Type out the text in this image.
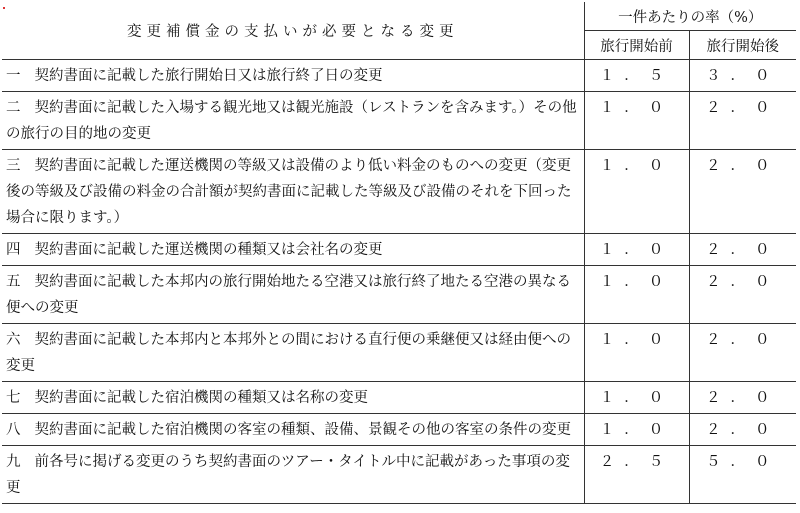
変更補償金の支払いが必要となる変更	一件あたりの率（%）	
	旅行開始前	旅行開始後
一 契約書面に記載した旅行開始日又は旅行終了日の変更	１．５	３．０
二 契約書面に記載した入場する観光地又は観光施設（レストランを含みます。）その他の旅行の目的地の変更	１．０	２．０
三 契約書面に記載した運送機関の等級又は設備のより低い料金のものへの変更（変更後の等級及び設備の料金の合計額が契約書面に記載した等級及び設備のそれを下回った場合に限ります。）	１．０	２．０
四 契約書面に記載した運送機関の種類又は会社名の変更	１．０	２．０
五 契約書面に記載した本邦内の旅行開始地たる空港又は旅行終了地たる空港の異なる便への変更	１．０	２．０
六 契約書面に記載した本邦内と本邦外との間における直行便の乗継便又は経由便への変更	１．０	２．０
七 契約書面に記載した宿泊機関の種類又は名称の変更	１．０	２．０
八 契約書面に記載した宿泊機関の客室の種類、設備、景観その他の客室の条件の変更	１．０	２．０
九 前各号に掲げる変更のうち契約書面のツアー・タイトル中に記載があった事項の変更	２．５	５．０
